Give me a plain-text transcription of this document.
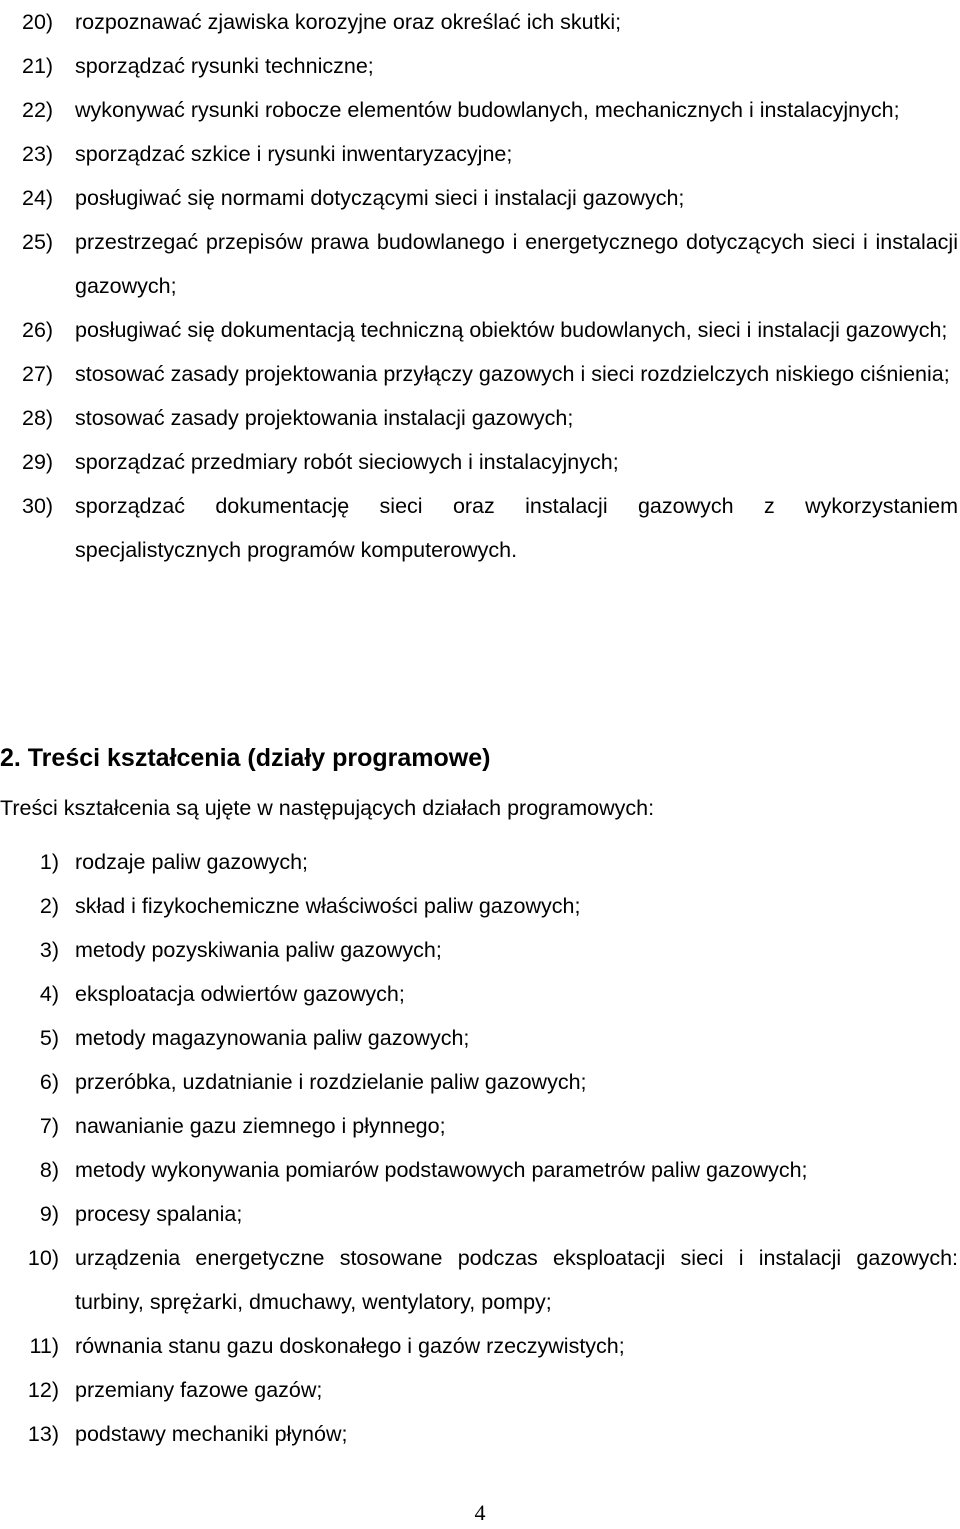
20)	rozpoznawać zjawiska korozyjne oraz określać ich skutki;
21)	sporządzać rysunki techniczne;
22)	wykonywać rysunki robocze elementów budowlanych, mechanicznych i instalacyjnych;
23)	sporządzać szkice i rysunki inwentaryzacyjne;
24)	posługiwać się normami dotyczącymi sieci i instalacji gazowych;
25)	przestrzegać przepisów prawa budowlanego i energetycznego dotyczących sieci i instalacji gazowych;
26)	posługiwać się dokumentacją techniczną obiektów budowlanych, sieci i instalacji gazowych;
27)	stosować zasady projektowania przyłączy gazowych i sieci rozdzielczych niskiego ciśnienia;
28)	stosować zasady projektowania instalacji gazowych;
29)	sporządzać przedmiary robót sieciowych i instalacyjnych;
30)	sporządzać dokumentację sieci oraz instalacji gazowych z wykorzystaniem specjalistycznych programów komputerowych.
2. Treści kształcenia (działy programowe)
Treści kształcenia są ujęte w następujących działach programowych:
1) rodzaje paliw gazowych;
2) skład i fizykochemiczne właściwości paliw gazowych;
3) metody pozyskiwania paliw gazowych;
4) eksploatacja odwiertów gazowych;
5) metody magazynowania paliw gazowych;
6) przeróbka, uzdatnianie i rozdzielanie paliw gazowych;
7) nawanianie gazu ziemnego i płynnego;
8) metody wykonywania pomiarów podstawowych parametrów paliw gazowych;
9) procesy spalania;
10) urządzenia energetyczne stosowane podczas eksploatacji sieci i instalacji gazowych: turbiny, sprężarki, dmuchawy, wentylatory, pompy;
11) równania stanu gazu doskonałego i gazów rzeczywistych;
12) przemiany fazowe gazów;
13) podstawy mechaniki płynów;
4
